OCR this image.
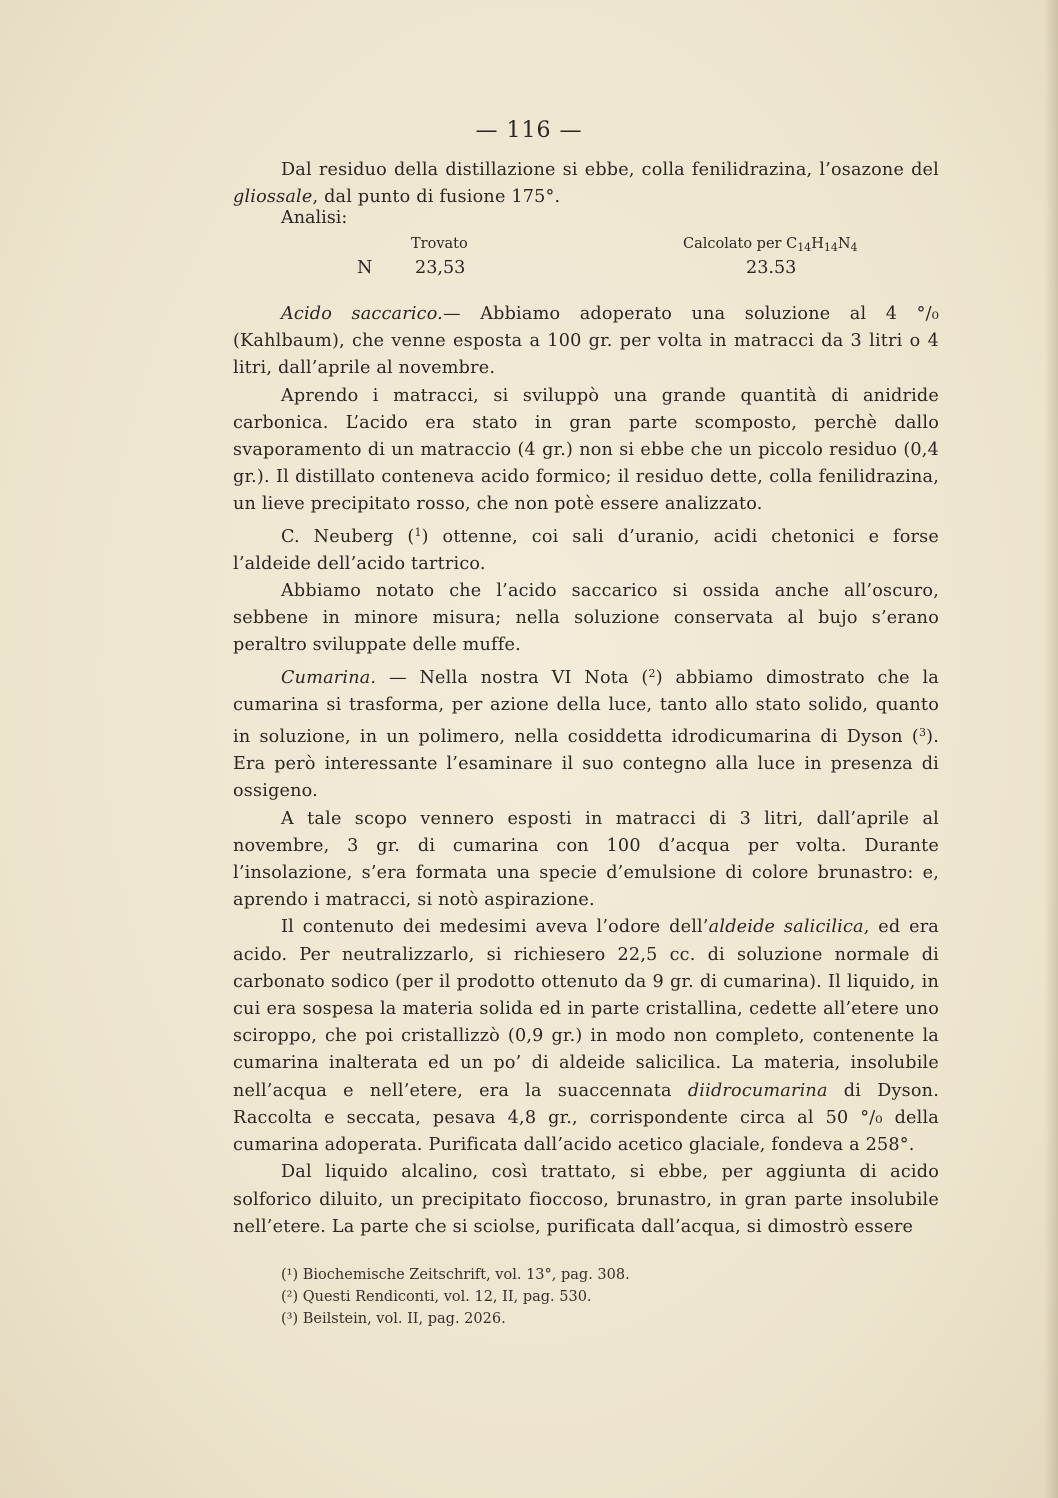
— 116 —

Dal residuo della distillazione si ebbe, colla fenilidrazina, l’osazone del gliossale, dal punto di fusione 175°.

Analisi:
Trovato	Calcolato per $C_{14}H_{14}N_4$
N 23,53	23.53

Acido saccarico.— Abbiamo adoperato una soluzione al 4 °/₀ (Kahlbaum), che venne esposta a 100 gr. per volta in matracci da 3 litri o 4 litri, dall’aprile al novembre.

Aprendo i matracci, si sviluppò una grande quantità di anidride carbonica. L’acido era stato in gran parte scomposto, perchè dallo svaporamento di un matraccio (4 gr.) non si ebbe che un piccolo residuo (0,4 gr.). Il distillato conteneva acido formico; il residuo dette, colla fenilidrazina, un lieve precipitato rosso, che non potè essere analizzato.

C. Neuberg ($^1$) ottenne, coi sali d’uranio, acidi chetonici e forse l’aldeide dell’acido tartrico.

Abbiamo notato che l’acido saccarico si ossida anche all’oscuro, sebbene in minore misura; nella soluzione conservata al bujo s’erano peraltro sviluppate delle muffe.

Cumarina. — Nella nostra VI Nota ($^2$) abbiamo dimostrato che la cumarina si trasforma, per azione della luce, tanto allo stato solido, quanto in soluzione, in un polimero, nella cosiddetta idrodicumarina di Dyson ($^3$). Era però interessante l’esaminare il suo contegno alla luce in presenza di ossigeno.

A tale scopo vennero esposti in matracci di 3 litri, dall’aprile al novembre, 3 gr. di cumarina con 100 d’acqua per volta. Durante l’insolazione, s’era formata una specie d’emulsione di colore brunastro: e, aprendo i matracci, si notò aspirazione.

Il contenuto dei medesimi aveva l’odore dell’aldeide salicilica, ed era acido. Per neutralizzarlo, si richiesero 22,5 cc. di soluzione normale di carbonato sodico (per il prodotto ottenuto da 9 gr. di cumarina). Il liquido, in cui era sospesa la materia solida ed in parte cristallina, cedette all’etere uno sciroppo, che poi cristallizzò (0,9 gr.) in modo non completo, contenente la cumarina inalterata ed un po’ di aldeide salicilica. La materia, insolubile nell’acqua e nell’etere, era la suaccennata diidrocumarina di Dyson. Raccolta e seccata, pesava 4,8 gr., corrispondente circa al 50 °/₀ della cumarina adoperata. Purificata dall’acido acetico glaciale, fondeva a 258°.

Dal liquido alcalino, così trattato, si ebbe, per aggiunta di acido solforico diluito, un precipitato fioccoso, brunastro, in gran parte insolubile nell’etere. La parte che si sciolse, purificata dall’acqua, si dimostrò essere

(¹) Biochemische Zeitschrift, vol. 13°, pag. 308.
(²) Questi Rendiconti, vol. 12, II, pag. 530.
(³) Beilstein, vol. II, pag. 2026.
